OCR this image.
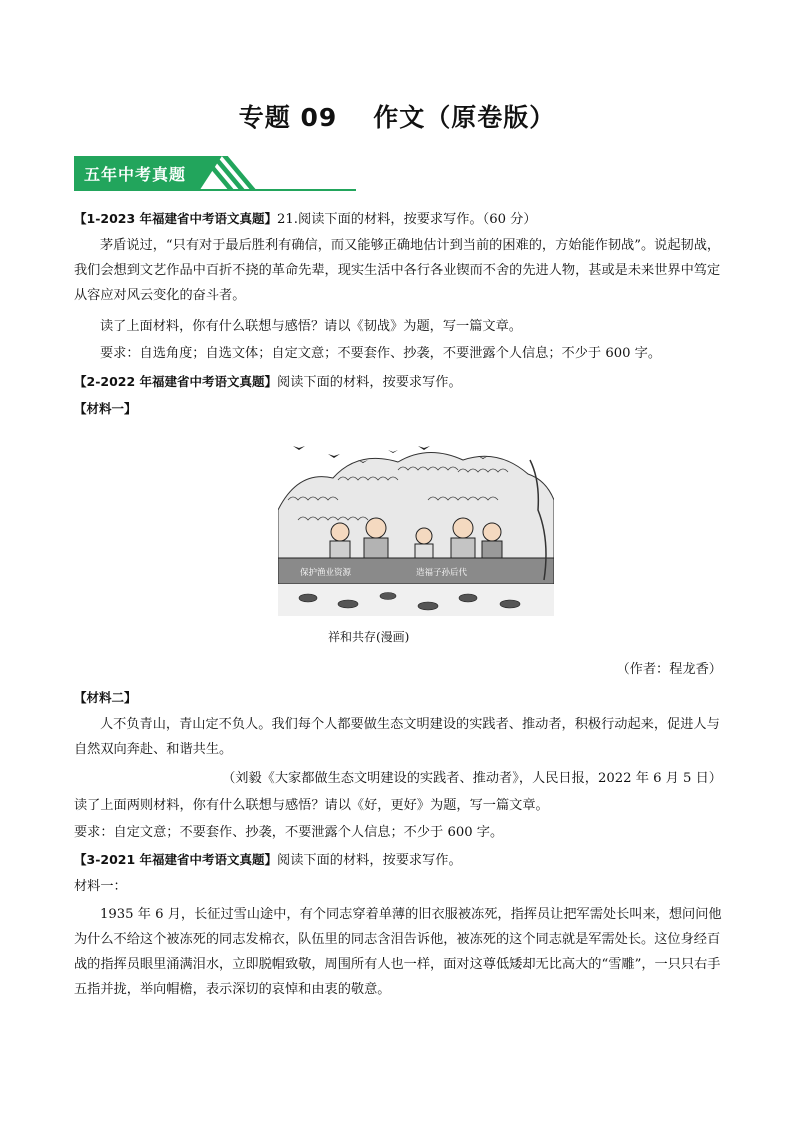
专题 09 作文（原卷版）
五年中考真题
【1-2023 年福建省中考语文真题】21.阅读下面的材料，按要求写作。（60 分）
茅盾说过，“只有对于最后胜利有确信，而又能够正确地估计到当前的困难的，方始能作韧战”。说起韧战，我们会想到文艺作品中百折不挠的革命先辈，现实生活中各行各业锲而不舍的先进人物，甚或是未来世界中笃定从容应对风云变化的奋斗者。
读了上面材料，你有什么联想与感悟？请以《韧战》为题，写一篇文章。
要求：自选角度；自选文体；自定文意；不要套作、抄袭，不要泄露个人信息；不少于 600 字。
【2-2022 年福建省中考语文真题】阅读下面的材料，按要求写作。
【材料一】
保护渔业资源	造福子孙后代
祥和共存(漫画)
（作者：程龙香）
【材料二】
人不负青山，青山定不负人。我们每个人都要做生态文明建设的实践者、推动者，积极行动起来，促进人与自然双向奔赴、和谐共生。
（刘毅《大家都做生态文明建设的实践者、推动者》，人民日报，2022 年 6 月 5 日）
读了上面两则材料，你有什么联想与感悟？请以《好，更好》为题，写一篇文章。
要求：自定文意；不要套作、抄袭，不要泄露个人信息；不少于 600 字。
【3-2021 年福建省中考语文真题】阅读下面的材料，按要求写作。
材料一：
1935 年 6 月，长征过雪山途中，有个同志穿着单薄的旧衣服被冻死，指挥员让把军需处长叫来，想问问他为什么不给这个被冻死的同志发棉衣，队伍里的同志含泪告诉他，被冻死的这个同志就是军需处长。这位身经百战的指挥员眼里涌满泪水，立即脱帽致敬，周围所有人也一样，面对这尊低矮却无比高大的“雪雕”，一只只右手五指并拢，举向帽檐，表示深切的哀悼和由衷的敬意。
